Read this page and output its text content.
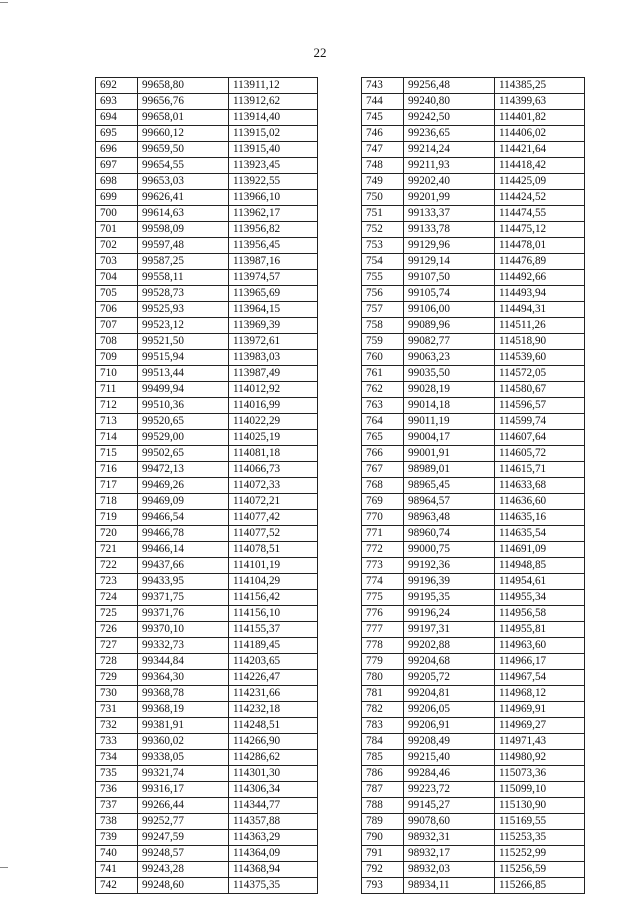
22
692	99658,80	113911,12
693	99656,76	113912,62
694	99658,01	113914,40
695	99660,12	113915,02
696	99659,50	113915,40
697	99654,55	113923,45
698	99653,03	113922,55
699	99626,41	113966,10
700	99614,63	113962,17
701	99598,09	113956,82
702	99597,48	113956,45
703	99587,25	113987,16
704	99558,11	113974,57
705	99528,73	113965,69
706	99525,93	113964,15
707	99523,12	113969,39
708	99521,50	113972,61
709	99515,94	113983,03
710	99513,44	113987,49
711	99499,94	114012,92
712	99510,36	114016,99
713	99520,65	114022,29
714	99529,00	114025,19
715	99502,65	114081,18
716	99472,13	114066,73
717	99469,26	114072,33
718	99469,09	114072,21
719	99466,54	114077,42
720	99466,78	114077,52
721	99466,14	114078,51
722	99437,66	114101,19
723	99433,95	114104,29
724	99371,75	114156,42
725	99371,76	114156,10
726	99370,10	114155,37
727	99332,73	114189,45
728	99344,84	114203,65
729	99364,30	114226,47
730	99368,78	114231,66
731	99368,19	114232,18
732	99381,91	114248,51
733	99360,02	114266,90
734	99338,05	114286,62
735	99321,74	114301,30
736	99316,17	114306,34
737	99266,44	114344,77
738	99252,77	114357,88
739	99247,59	114363,29
740	99248,57	114364,09
741	99243,28	114368,94
742	99248,60	114375,35
743	99256,48	114385,25
744	99240,80	114399,63
745	99242,50	114401,82
746	99236,65	114406,02
747	99214,24	114421,64
748	99211,93	114418,42
749	99202,40	114425,09
750	99201,99	114424,52
751	99133,37	114474,55
752	99133,78	114475,12
753	99129,96	114478,01
754	99129,14	114476,89
755	99107,50	114492,66
756	99105,74	114493,94
757	99106,00	114494,31
758	99089,96	114511,26
759	99082,77	114518,90
760	99063,23	114539,60
761	99035,50	114572,05
762	99028,19	114580,67
763	99014,18	114596,57
764	99011,19	114599,74
765	99004,17	114607,64
766	99001,91	114605,72
767	98989,01	114615,71
768	98965,45	114633,68
769	98964,57	114636,60
770	98963,48	114635,16
771	98960,74	114635,54
772	99000,75	114691,09
773	99192,36	114948,85
774	99196,39	114954,61
775	99195,35	114955,34
776	99196,24	114956,58
777	99197,31	114955,81
778	99202,88	114963,60
779	99204,68	114966,17
780	99205,72	114967,54
781	99204,81	114968,12
782	99206,05	114969,91
783	99206,91	114969,27
784	99208,49	114971,43
785	99215,40	114980,92
786	99284,46	115073,36
787	99223,72	115099,10
788	99145,27	115130,90
789	99078,60	115169,55
790	98932,31	115253,35
791	98932,17	115252,99
792	98932,03	115256,59
793	98934,11	115266,85
